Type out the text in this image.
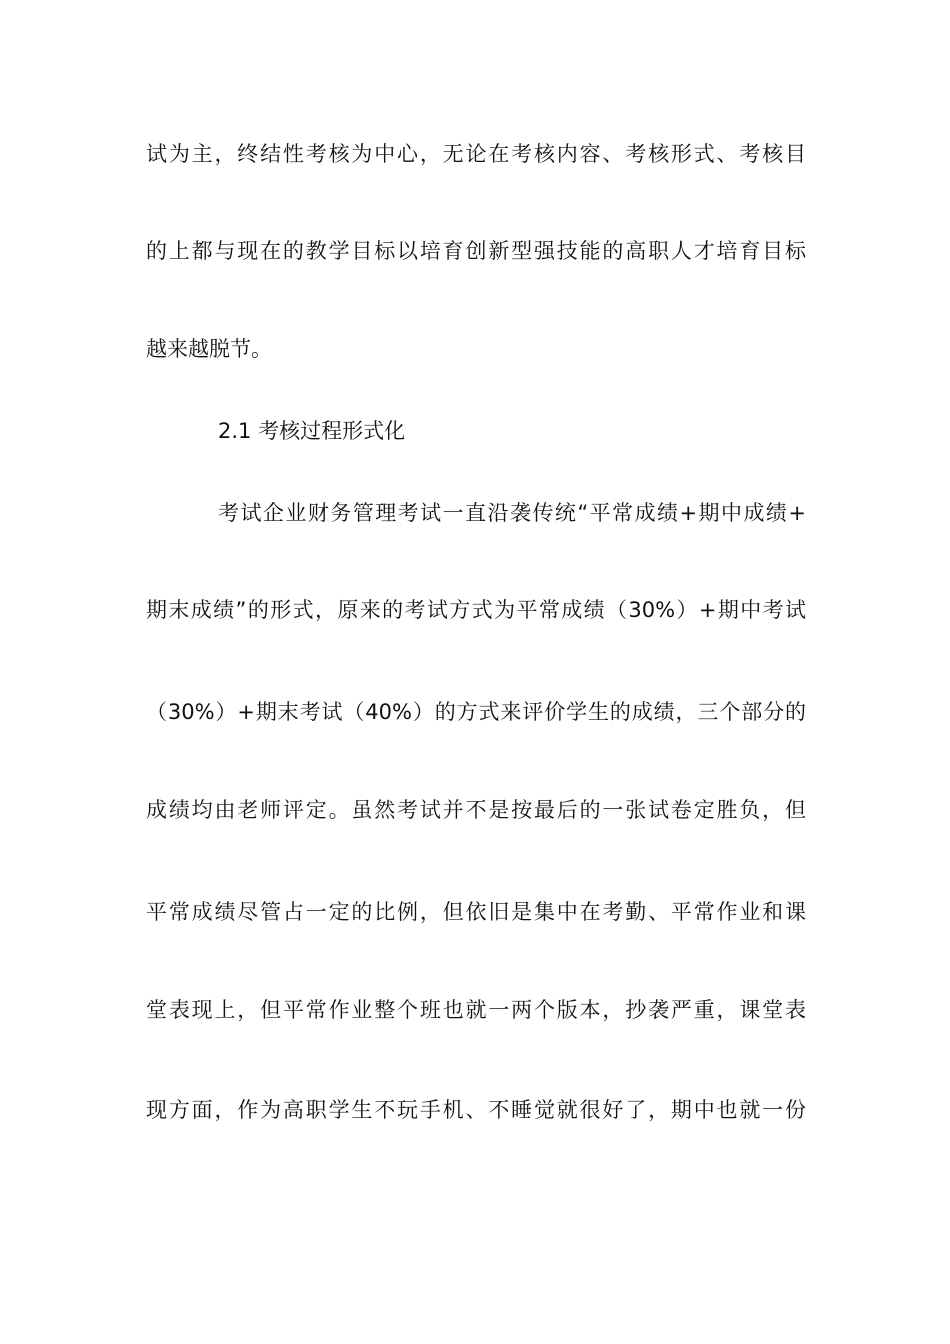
试为主，终结性考核为中心，无论在考核内容、考核形式、考核目
的上都与现在的教学目标以培育创新型强技能的高职人才培育目标
越来越脱节。
2.1 考核过程形式化
考试企业财务管理考试一直沿袭传统“平常成绩+期中成绩+
期末成绩”的形式，原来的考试方式为平常成绩（30%）+期中考试
（30%）+期末考试（40%）的方式来评价学生的成绩，三个部分的
成绩均由老师评定。虽然考试并不是按最后的一张试卷定胜负，但
平常成绩尽管占一定的比例，但依旧是集中在考勤、平常作业和课
堂表现上，但平常作业整个班也就一两个版本，抄袭严重，课堂表
现方面，作为高职学生不玩手机、不睡觉就很好了，期中也就一份
